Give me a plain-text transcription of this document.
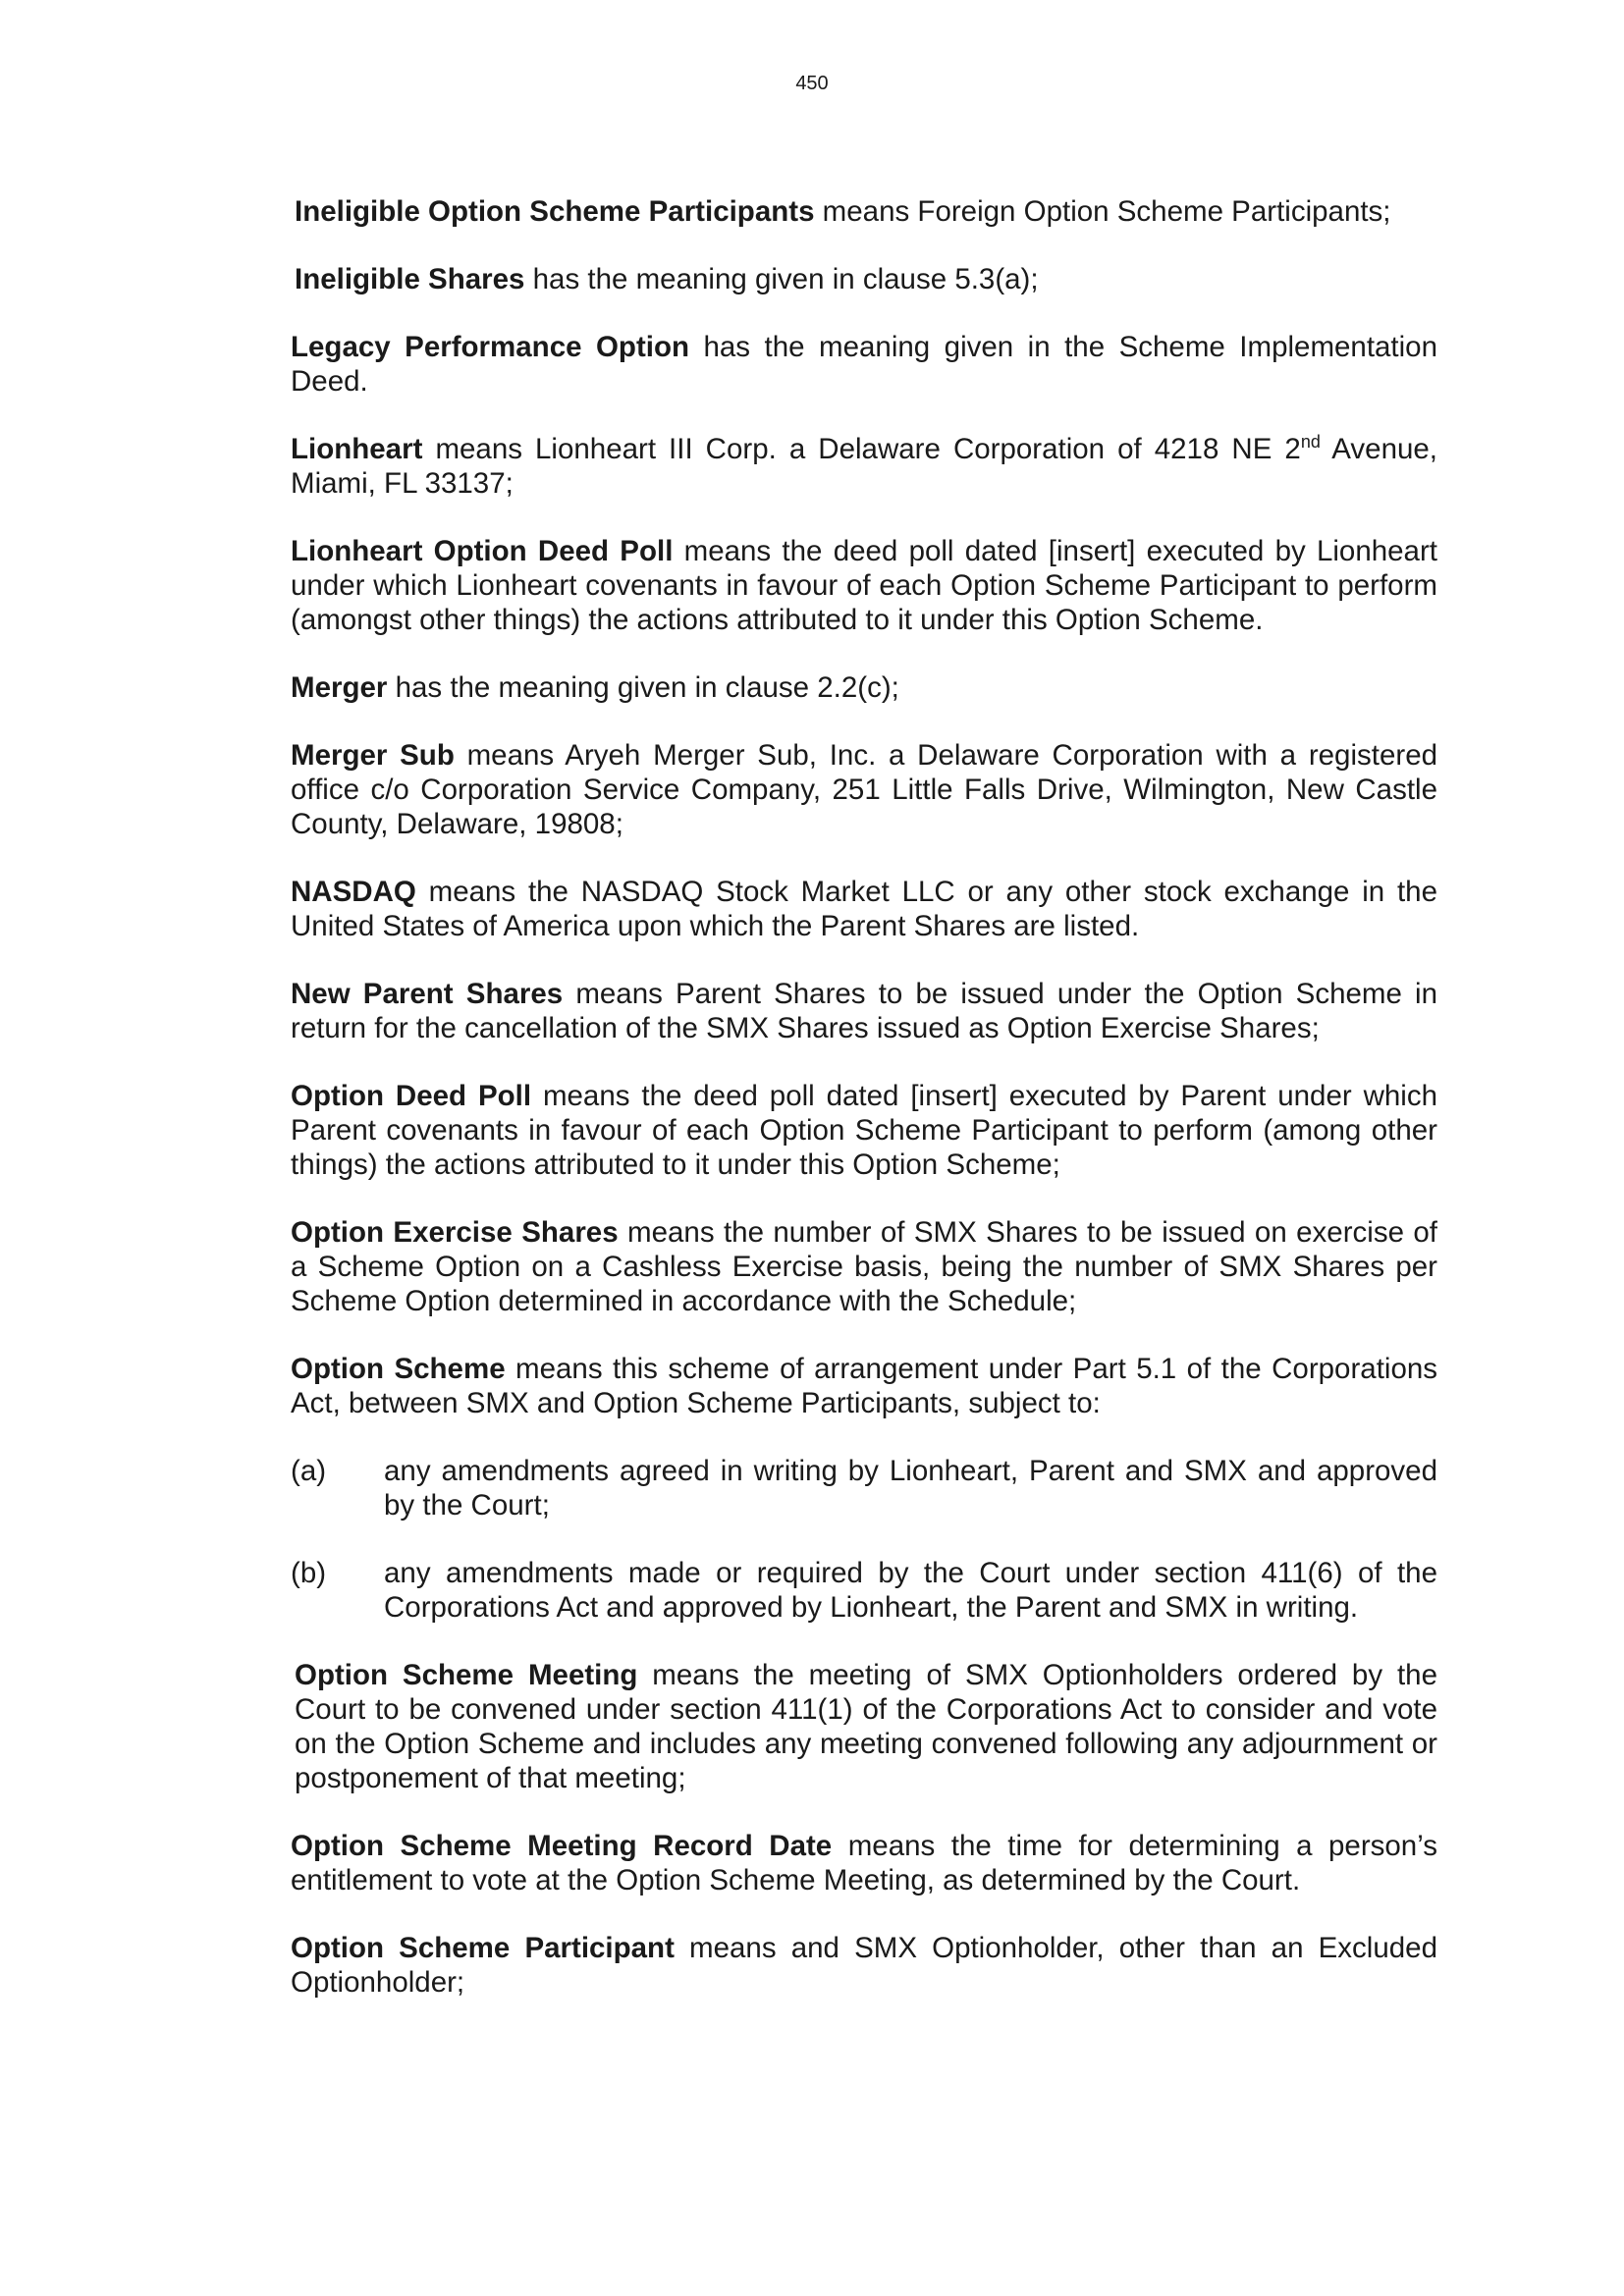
450

Ineligible Option Scheme Participants means Foreign Option Scheme Participants;

Ineligible Shares has the meaning given in clause 5.3(a);

Legacy Performance Option has the meaning given in the Scheme Implementation Deed.

Lionheart means Lionheart III Corp. a Delaware Corporation of 4218 NE 2nd Avenue, Miami, FL 33137;

Lionheart Option Deed Poll means the deed poll dated [insert] executed by Lionheart under which Lionheart covenants in favour of each Option Scheme Participant to perform (amongst other things) the actions attributed to it under this Option Scheme.

Merger has the meaning given in clause 2.2(c);

Merger Sub means Aryeh Merger Sub, Inc. a Delaware Corporation with a registered office c/o Corporation Service Company, 251 Little Falls Drive, Wilmington, New Castle County, Delaware, 19808;

NASDAQ means the NASDAQ Stock Market LLC or any other stock exchange in the United States of America upon which the Parent Shares are listed.

New Parent Shares means Parent Shares to be issued under the Option Scheme in return for the cancellation of the SMX Shares issued as Option Exercise Shares;

Option Deed Poll means the deed poll dated [insert] executed by Parent under which Parent covenants in favour of each Option Scheme Participant to perform (among other things) the actions attributed to it under this Option Scheme;

Option Exercise Shares means the number of SMX Shares to be issued on exercise of a Scheme Option on a Cashless Exercise basis, being the number of SMX Shares per Scheme Option determined in accordance with the Schedule;

Option Scheme means this scheme of arrangement under Part 5.1 of the Corporations Act, between SMX and Option Scheme Participants, subject to:

(a)	any amendments agreed in writing by Lionheart, Parent and SMX and approved by the Court;
(b)	any amendments made or required by the Court under section 411(6) of the Corporations Act and approved by Lionheart, the Parent and SMX in writing.

Option Scheme Meeting means the meeting of SMX Optionholders ordered by the Court to be convened under section 411(1) of the Corporations Act to consider and vote on the Option Scheme and includes any meeting convened following any adjournment or postponement of that meeting;

Option Scheme Meeting Record Date means the time for determining a person’s entitlement to vote at the Option Scheme Meeting, as determined by the Court.

Option Scheme Participant means and SMX Optionholder, other than an Excluded Optionholder;
